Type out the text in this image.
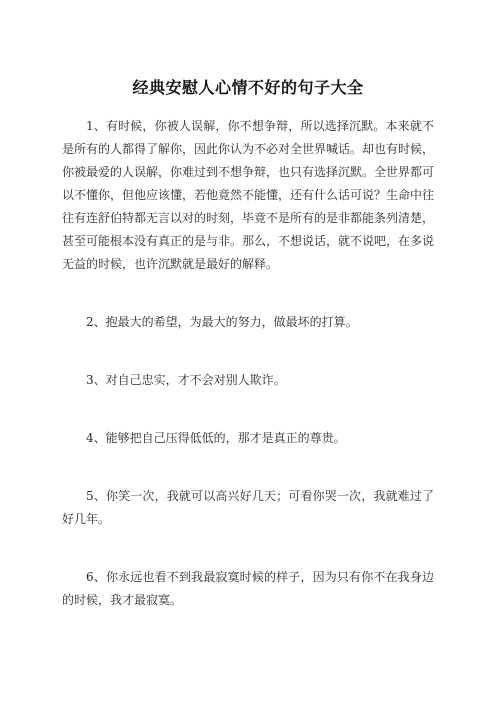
经典安慰人心情不好的句子大全

1、有时候，你被人误解，你不想争辩，所以选择沉默。本来就不是所有的人都得了解你，因此你认为不必对全世界喊话。却也有时候，你被最爱的人误解，你难过到不想争辩，也只有选择沉默。全世界都可以不懂你，但他应该懂，若他竟然不能懂，还有什么话可说？生命中往往有连舒伯特都无言以对的时刻，毕竟不是所有的是非都能条列清楚，甚至可能根本没有真正的是与非。那么，不想说话，就不说吧，在多说无益的时候，也许沉默就是最好的解释。

2、抱最大的希望，为最大的努力，做最坏的打算。

3、对自己忠实，才不会对别人欺诈。

4、能够把自己压得低低的，那才是真正的尊贵。

5、你笑一次，我就可以高兴好几天；可看你哭一次，我就难过了好几年。

6、你永远也看不到我最寂寞时候的样子，因为只有你不在我身边的时候，我才最寂寞。
